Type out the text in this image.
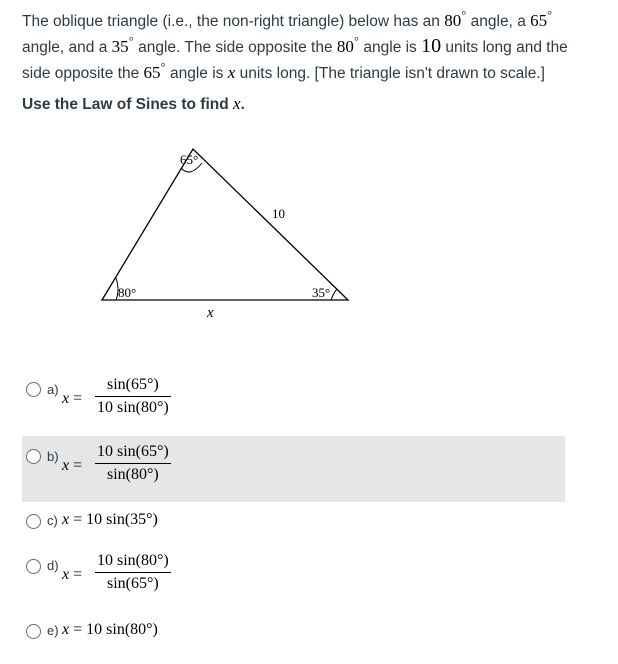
The oblique triangle (i.e., the non-right triangle) below has an 80° angle, a 65° angle, and a 35° angle. The side opposite the 80° angle is 10 units long and the side opposite the 65° angle is x units long. [The triangle isn't drawn to scale.]
Use the Law of Sines to find x.
65°
80°	35°
10
x
a)
$x = \frac{\sin(65^\circ)}{10 \sin(80^\circ)}$
b)
$x = \frac{10 \sin(65^\circ)}{\sin(80^\circ)}$
c) x = 10 sin(35°)
d)
$x = \frac{10 \sin(80^\circ)}{\sin(65^\circ)}$
e) x = 10 sin(80°)
